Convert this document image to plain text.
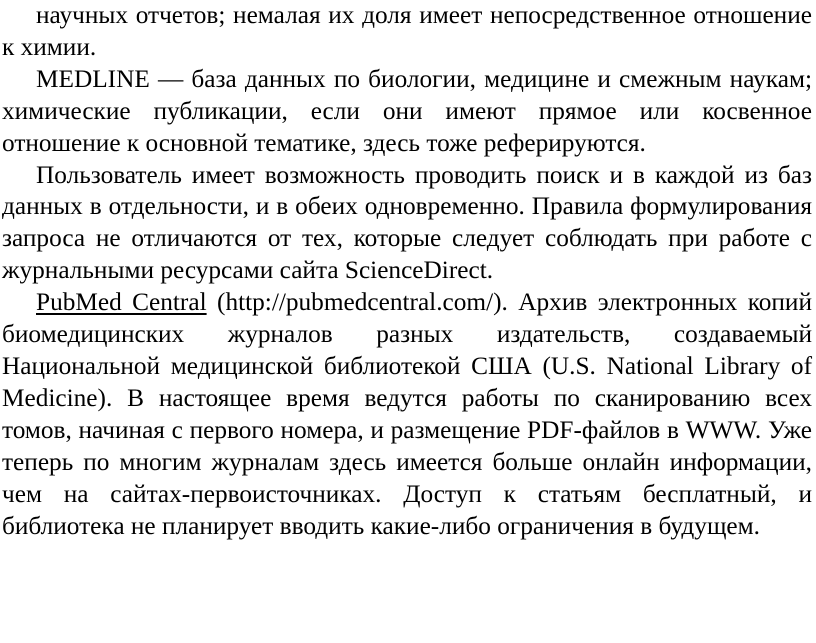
научных отчетов; немалая их доля имеет непосредственное отношение к химии.

MEDLINE — база данных по биологии, медицине и смежным наукам; химические публикации, если они имеют прямое или косвенное отношение к основной тематике, здесь тоже реферируются.

Пользователь имеет возможность проводить поиск и в каждой из баз данных в отдельности, и в обеих одновременно. Правила формулирования запроса не отличаются от тех, которые следует соблюдать при работе с журнальными ресурсами сайта ScienceDirect.

PubMed Central (http://pubmedcentral.com/). Архив электронных копий биомедицинских журналов разных издательств, создаваемый Национальной медицинской библиотекой США (U.S. National Library of Medicine). В настоящее время ведутся работы по сканированию всех томов, начиная с первого номера, и размещение PDF-файлов в WWW. Уже теперь по многим журналам здесь имеется больше онлайн информации, чем на сайтах-первоисточниках. Доступ к статьям бесплатный, и библиотека не планирует вводить какие-либо ограничения в будущем.
